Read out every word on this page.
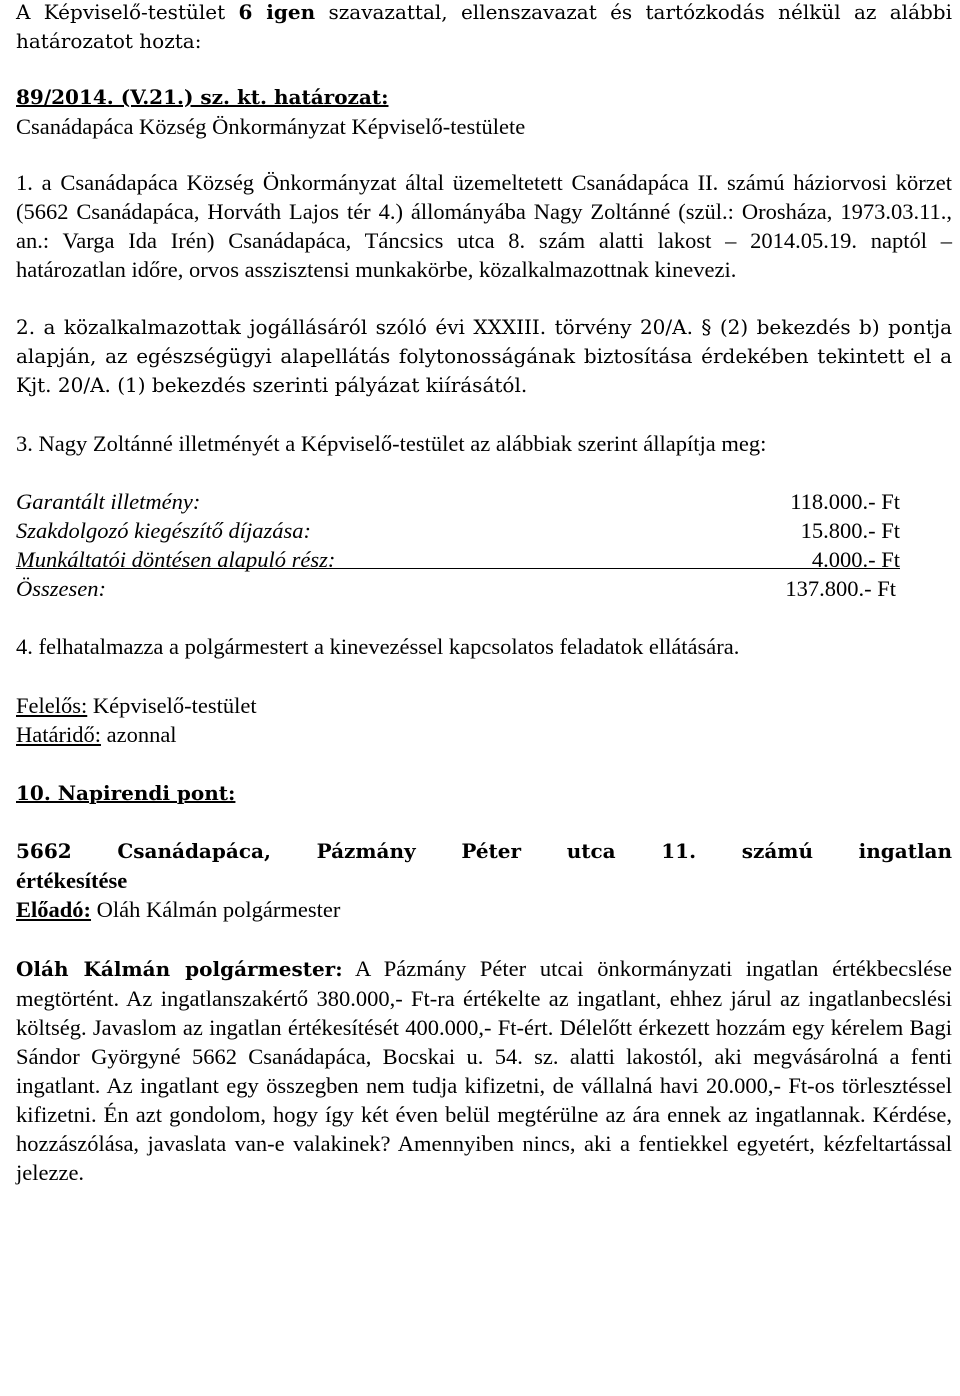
A Képviselő-testület 6 igen szavazattal, ellenszavazat és tartózkodás nélkül az alábbi határozatot hozta:

89/2014. (V.21.) sz. kt. határozat:

Csanádapáca Község Önkormányzat Képviselő-testülete

1. a Csanádapáca Község Önkormányzat által üzemeltetett Csanádapáca II. számú háziorvosi körzet (5662 Csanádapáca, Horváth Lajos tér 4.) állományába Nagy Zoltánné (szül.: Orosháza, 1973.03.11., an.: Varga Ida Irén) Csanádapáca, Táncsics utca 8. szám alatti lakost – 2014.05.19. naptól – határozatlan időre, orvos asszisztensi munkakörbe, közalkalmazottnak kinevezi.

2. a közalkalmazottak jogállásáról szóló évi XXXIII. törvény 20/A. § (2) bekezdés b) pontja alapján, az egészségügyi alapellátás folytonosságának biztosítása érdekében tekintett el a Kjt. 20/A. (1) bekezdés szerinti pályázat kiírásától.

3. Nagy Zoltánné illetményét a Képviselő-testület az alábbiak szerint állapítja meg:

Garantált illetmény:	118.000.- Ft
Szakdolgozó kiegészítő díjazása:	15.800.- Ft
Munkáltatói döntésen alapuló rész:	4.000.- Ft
Összesen:	137.800.- Ft

4. felhatalmazza a polgármestert a kinevezéssel kapcsolatos feladatok ellátására.

Felelős: Képviselő-testület

Határidő: azonnal

10. Napirendi pont:

5662 Csanádapáca, Pázmány Péter utca 11. számú ingatlan

értékesítése

Előadó: Oláh Kálmán polgármester

Oláh Kálmán polgármester: A Pázmány Péter utcai önkormányzati ingatlan értékbecslése megtörtént. Az ingatlanszakértő 380.000,- Ft-ra értékelte az ingatlant, ehhez járul az ingatlanbecslési költség. Javaslom az ingatlan értékesítését 400.000,- Ft-ért. Délelőtt érkezett hozzám egy kérelem Bagi Sándor Györgyné 5662 Csanádapáca, Bocskai u. 54. sz. alatti lakostól, aki megvásárolná a fenti ingatlant. Az ingatlant egy összegben nem tudja kifizetni, de vállalná havi 20.000,- Ft-os törlesztéssel kifizetni. Én azt gondolom, hogy így két éven belül megtérülne az ára ennek az ingatlannak. Kérdése, hozzászólása, javaslata van-e valakinek? Amennyiben nincs, aki a fentiekkel egyetért, kézfeltartással jelezze.
